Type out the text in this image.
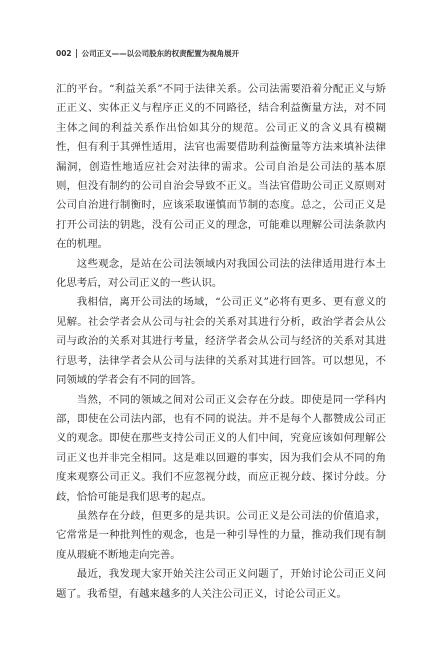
002 公司正义——以公司股东的权责配置为视角展开

汇的平台。“利益关系”不同于法律关系。公司法需要沿着分配正义与矫正正义、实体正义与程序正义的不同路径，结合利益衡量方法，对不同主体之间的利益关系作出恰如其分的规范。公司正义的含义具有模糊性，但有利于其弹性适用，法官也需要借助利益衡量等方法来填补法律漏洞，创造性地适应社会对法律的需求。公司自治是公司法的基本原则，但没有制约的公司自治会导致不正义。当法官借助公司正义原则对公司自治进行制衡时，应该采取谨慎而节制的态度。总之，公司正义是打开公司法的钥匙，没有公司正义的理念，可能难以理解公司法条款内在的机理。

这些观念，是站在公司法领域内对我国公司法的法律适用进行本土化思考后，对公司正义的一些认识。

我相信，离开公司法的场域，“公司正义”必将有更多、更有意义的见解。社会学者会从公司与社会的关系对其进行分析，政治学者会从公司与政治的关系对其进行考量，经济学者会从公司与经济的关系对其进行思考，法律学者会从公司与法律的关系对其进行回答。可以想见，不同领域的学者会有不同的回答。

当然，不同的领域之间对公司正义会存在分歧。即使是同一学科内部，即使在公司法内部，也有不同的说法。并不是每个人都赞成公司正义的观念。即使在那些支持公司正义的人们中间，究竟应该如何理解公司正义也并非完全相同。这是难以回避的事实，因为我们会从不同的角度来观察公司正义。我们不应忽视分歧，而应正视分歧、探讨分歧。分歧，恰恰可能是我们思考的起点。

虽然存在分歧，但更多的是共识。公司正义是公司法的价值追求，它常常是一种批判性的观念，也是一种引导性的力量，推动我们现有制度从瑕疵不断地走向完善。

最近，我发现大家开始关注公司正义问题了，开始讨论公司正义问题了。我希望，有越来越多的人关注公司正义，讨论公司正义。
